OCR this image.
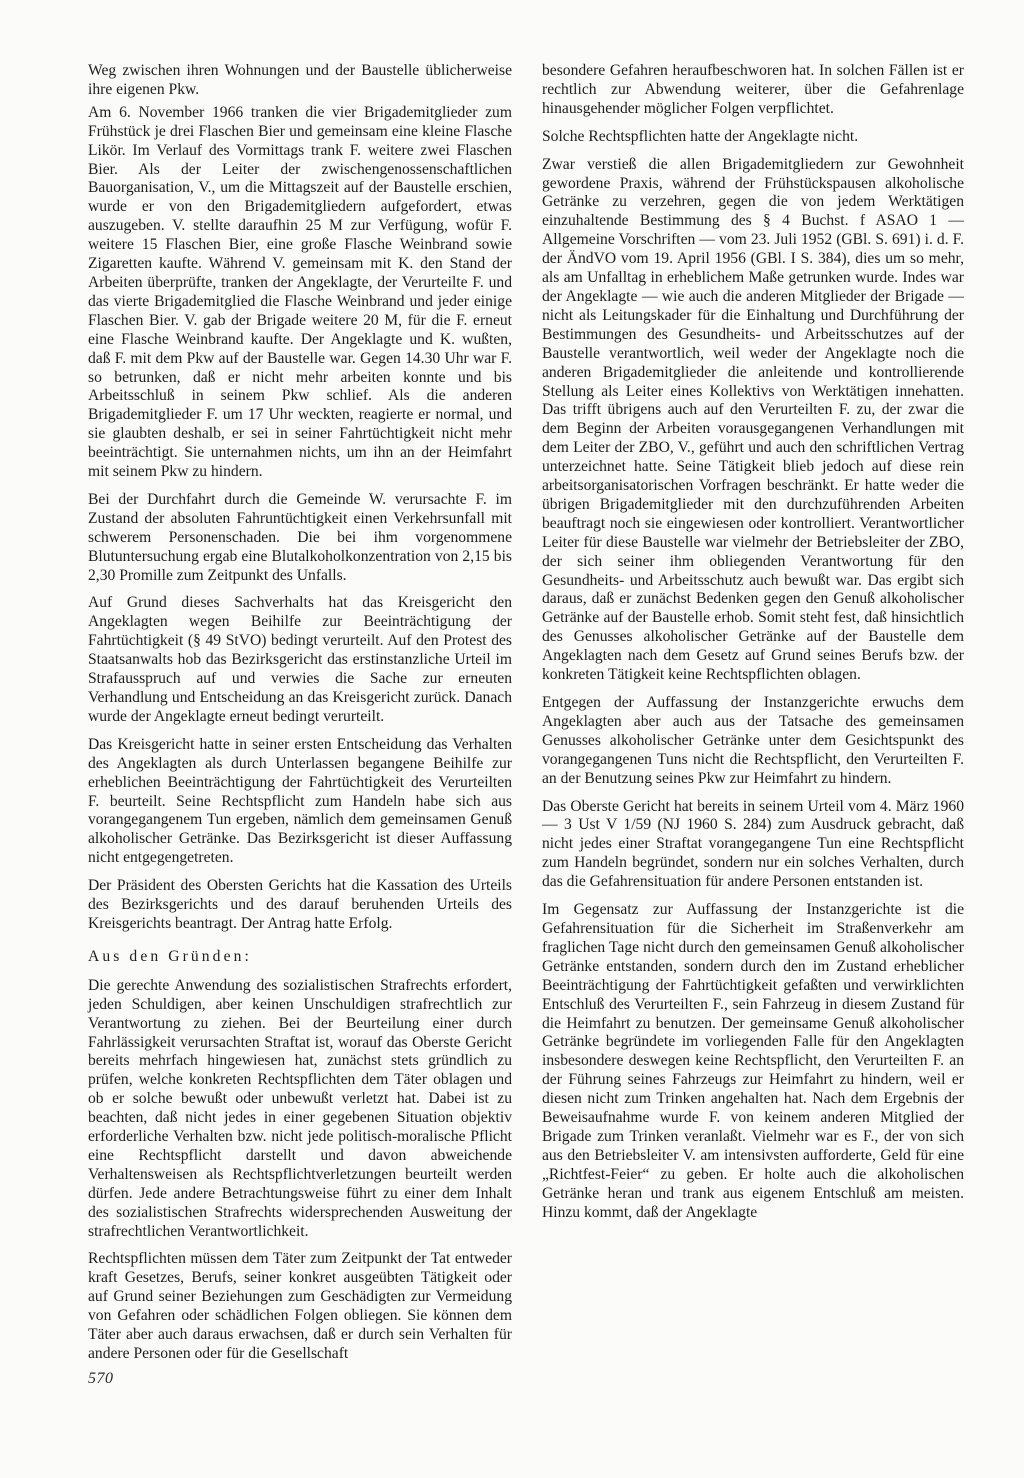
Weg zwischen ihren Wohnungen und der Baustelle üblicherweise ihre eigenen Pkw.

Am 6. November 1966 tranken die vier Brigademitglieder zum Frühstück je drei Flaschen Bier und gemeinsam eine kleine Flasche Likör. Im Verlauf des Vormittags trank F. weitere zwei Flaschen Bier. Als der Leiter der zwischengenossenschaftlichen Bauorganisation, V., um die Mittagszeit auf der Baustelle erschien, wurde er von den Brigademitgliedern aufgefordert, etwas auszugeben. V. stellte daraufhin 25 M zur Verfügung, wofür F. weitere 15 Flaschen Bier, eine große Flasche Weinbrand sowie Zigaretten kaufte. Während V. gemeinsam mit K. den Stand der Arbeiten überprüfte, tranken der Angeklagte, der Verurteilte F. und das vierte Brigademitglied die Flasche Weinbrand und jeder einige Flaschen Bier. V. gab der Brigade weitere 20 M, für die F. erneut eine Flasche Weinbrand kaufte. Der Angeklagte und K. wußten, daß F. mit dem Pkw auf der Baustelle war. Gegen 14.30 Uhr war F. so betrunken, daß er nicht mehr arbeiten konnte und bis Arbeitsschluß in seinem Pkw schlief. Als die anderen Brigademitglieder F. um 17 Uhr weckten, reagierte er normal, und sie glaubten deshalb, er sei in seiner Fahrtüchtigkeit nicht mehr beeinträchtigt. Sie unternahmen nichts, um ihn an der Heimfahrt mit seinem Pkw zu hindern.

Bei der Durchfahrt durch die Gemeinde W. verursachte F. im Zustand der absoluten Fahruntüchtigkeit einen Verkehrsunfall mit schwerem Personenschaden. Die bei ihm vorgenommene Blutuntersuchung ergab eine Blutalkoholkonzentration von 2,15 bis 2,30 Promille zum Zeitpunkt des Unfalls.

Auf Grund dieses Sachverhalts hat das Kreisgericht den Angeklagten wegen Beihilfe zur Beeinträchtigung der Fahrtüchtigkeit (§ 49 StVO) bedingt verurteilt. Auf den Protest des Staatsanwalts hob das Bezirksgericht das erstinstanzliche Urteil im Strafausspruch auf und verwies die Sache zur erneuten Verhandlung und Entscheidung an das Kreisgericht zurück. Danach wurde der Angeklagte erneut bedingt verurteilt.

Das Kreisgericht hatte in seiner ersten Entscheidung das Verhalten des Angeklagten als durch Unterlassen begangene Beihilfe zur erheblichen Beeinträchtigung der Fahrtüchtigkeit des Verurteilten F. beurteilt. Seine Rechtspflicht zum Handeln habe sich aus vorangegangenem Tun ergeben, nämlich dem gemeinsamen Genuß alkoholischer Getränke. Das Bezirksgericht ist dieser Auffassung nicht entgegengetreten.

Der Präsident des Obersten Gerichts hat die Kassation des Urteils des Bezirksgerichts und des darauf beruhenden Urteils des Kreisgerichts beantragt. Der Antrag hatte Erfolg.

Aus den Gründen:

Die gerechte Anwendung des sozialistischen Strafrechts erfordert, jeden Schuldigen, aber keinen Unschuldigen strafrechtlich zur Verantwortung zu ziehen. Bei der Beurteilung einer durch Fahrlässigkeit verursachten Straftat ist, worauf das Oberste Gericht bereits mehrfach hingewiesen hat, zunächst stets gründlich zu prüfen, welche konkreten Rechtspflichten dem Täter oblagen und ob er solche bewußt oder unbewußt verletzt hat. Dabei ist zu beachten, daß nicht jedes in einer gegebenen Situation objektiv erforderliche Verhalten bzw. nicht jede politisch-moralische Pflicht eine Rechtspflicht darstellt und davon abweichende Verhaltensweisen als Rechtspflichtverletzungen beurteilt werden dürfen. Jede andere Betrachtungsweise führt zu einer dem Inhalt des sozialistischen Strafrechts widersprechenden Ausweitung der strafrechtlichen Verantwortlichkeit.

Rechtspflichten müssen dem Täter zum Zeitpunkt der Tat entweder kraft Gesetzes, Berufs, seiner konkret ausgeübten Tätigkeit oder auf Grund seiner Beziehungen zum Geschädigten zur Vermeidung von Gefahren oder schädlichen Folgen obliegen. Sie können dem Täter aber auch daraus erwachsen, daß er durch sein Verhalten für andere Personen oder für die Gesellschaft

besondere Gefahren heraufbeschworen hat. In solchen Fällen ist er rechtlich zur Abwendung weiterer, über die Gefahrenlage hinausgehender möglicher Folgen verpflichtet.

Solche Rechtspflichten hatte der Angeklagte nicht.

Zwar verstieß die allen Brigademitgliedern zur Gewohnheit gewordene Praxis, während der Frühstückspausen alkoholische Getränke zu verzehren, gegen die von jedem Werktätigen einzuhaltende Bestimmung des § 4 Buchst. f ASAO 1 — Allgemeine Vorschriften — vom 23. Juli 1952 (GBl. S. 691) i. d. F. der ÄndVO vom 19. April 1956 (GBl. I S. 384), dies um so mehr, als am Unfalltag in erheblichem Maße getrunken wurde. Indes war der Angeklagte — wie auch die anderen Mitglieder der Brigade — nicht als Leitungskader für die Einhaltung und Durchführung der Bestimmungen des Gesundheits- und Arbeitsschutzes auf der Baustelle verantwortlich, weil weder der Angeklagte noch die anderen Brigademitglieder die anleitende und kontrollierende Stellung als Leiter eines Kollektivs von Werktätigen innehatten. Das trifft übrigens auch auf den Verurteilten F. zu, der zwar die dem Beginn der Arbeiten vorausgegangenen Verhandlungen mit dem Leiter der ZBO, V., geführt und auch den schriftlichen Vertrag unterzeichnet hatte. Seine Tätigkeit blieb jedoch auf diese rein arbeitsorganisatorischen Vorfragen beschränkt. Er hatte weder die übrigen Brigademitglieder mit den durchzuführenden Arbeiten beauftragt noch sie eingewiesen oder kontrolliert. Verantwortlicher Leiter für diese Baustelle war vielmehr der Betriebsleiter der ZBO, der sich seiner ihm obliegenden Verantwortung für den Gesundheits- und Arbeitsschutz auch bewußt war. Das ergibt sich daraus, daß er zunächst Bedenken gegen den Genuß alkoholischer Getränke auf der Baustelle erhob. Somit steht fest, daß hinsichtlich des Genusses alkoholischer Getränke auf der Baustelle dem Angeklagten nach dem Gesetz auf Grund seines Berufs bzw. der konkreten Tätigkeit keine Rechtspflichten oblagen.

Entgegen der Auffassung der Instanzgerichte erwuchs dem Angeklagten aber auch aus der Tatsache des gemeinsamen Genusses alkoholischer Getränke unter dem Gesichtspunkt des vorangegangenen Tuns nicht die Rechtspflicht, den Verurteilten F. an der Benutzung seines Pkw zur Heimfahrt zu hindern.

Das Oberste Gericht hat bereits in seinem Urteil vom 4. März 1960 — 3 Ust V 1/59 (NJ 1960 S. 284) zum Ausdruck gebracht, daß nicht jedes einer Straftat vorangegangene Tun eine Rechtspflicht zum Handeln begründet, sondern nur ein solches Verhalten, durch das die Gefahrensituation für andere Personen entstanden ist.

Im Gegensatz zur Auffassung der Instanzgerichte ist die Gefahrensituation für die Sicherheit im Straßenverkehr am fraglichen Tage nicht durch den gemeinsamen Genuß alkoholischer Getränke entstanden, sondern durch den im Zustand erheblicher Beeinträchtigung der Fahrtüchtigkeit gefaßten und verwirklichten Entschluß des Verurteilten F., sein Fahrzeug in diesem Zustand für die Heimfahrt zu benutzen. Der gemeinsame Genuß alkoholischer Getränke begründete im vorliegenden Falle für den Angeklagten insbesondere deswegen keine Rechtspflicht, den Verurteilten F. an der Führung seines Fahrzeugs zur Heimfahrt zu hindern, weil er diesen nicht zum Trinken angehalten hat. Nach dem Ergebnis der Beweisaufnahme wurde F. von keinem anderen Mitglied der Brigade zum Trinken veranlaßt. Vielmehr war es F., der von sich aus den Betriebsleiter V. am intensivsten aufforderte, Geld für eine „Richtfest-Feier“ zu geben. Er holte auch die alkoholischen Getränke heran und trank aus eigenem Entschluß am meisten. Hinzu kommt, daß der Angeklagte

570
